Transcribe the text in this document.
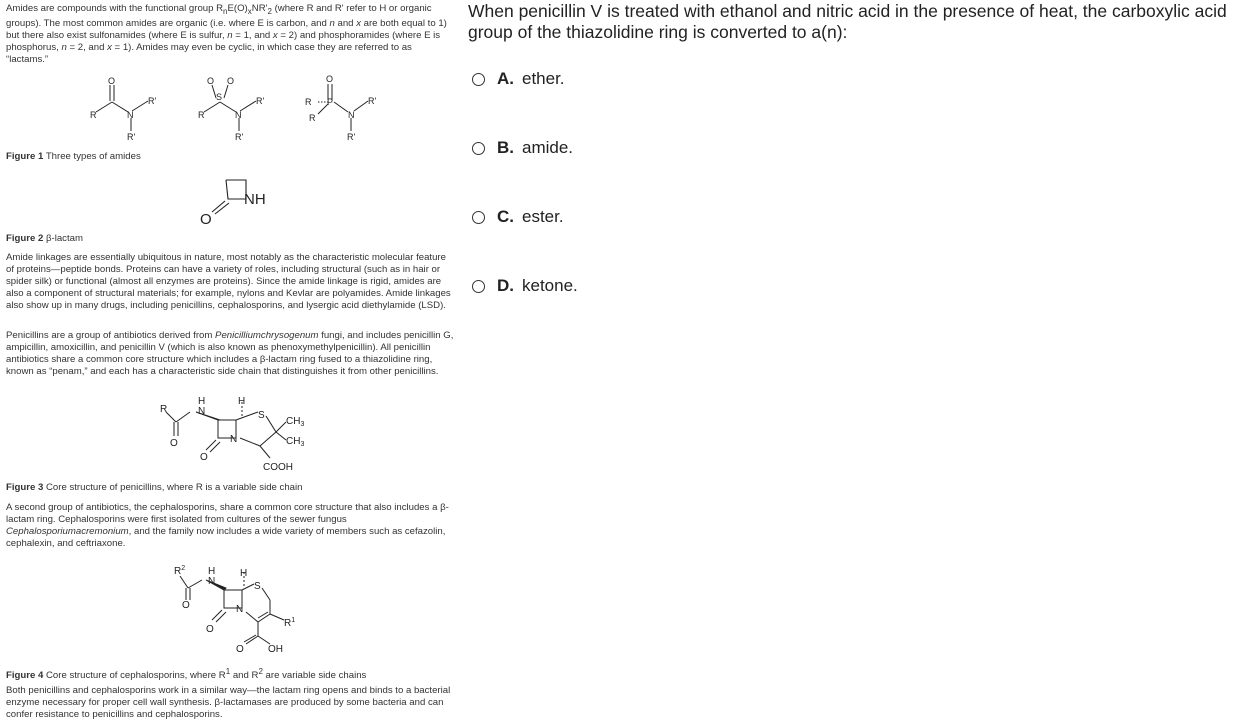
Amides are compounds with the functional group $R_nE(O)_xNR'_2$ (where R and R' refer to H or organic groups). The most common amides are organic (i.e. where E is carbon, and n and x are both equal to 1) but there also exist sulfonamides (where E is sulfur, n = 1, and x = 2) and phosphoramides (where E is phosphorus, n = 2, and x = 1). Amides may even be cyclic, in which case they are referred to as “lactams.”

O
R	N
R'
R'
O O
S
R	N
R'
R'
O
R P
R	N
R'
R'
Figure 1 Three types of amides
O
NH
Figure 2 β-lactam

Amide linkages are essentially ubiquitous in nature, most notably as the characteristic molecular feature of proteins—peptide bonds. Proteins can have a variety of roles, including structural (such as in hair or spider silk) or functional (almost all enzymes are proteins). Since the amide linkage is rigid, amides are also a component of structural materials; for example, nylons and Kevlar are polyamides. Amide linkages also show up in many drugs, including penicillins, cephalosporins, and lysergic acid diethylamide (LSD).

Penicillins are a group of antibiotics derived from Penicilliumchrysogenum fungi, and includes penicillin G, ampicillin, amoxicillin, and penicillin V (which is also known as phenoxymethylpenicillin). All penicillin antibiotics share a common core structure which includes a β-lactam ring fused to a thiazolidine ring, known as “penam,” and each has a characteristic side chain that distinguishes it from other penicillins.

R
H
N
H
S
N
O
O
$CH_3$
$CH_3$
COOH
Figure 3 Core structure of penicillins, where R is a variable side chain

A second group of antibiotics, the cephalosporins, share a common core structure that also includes a β-lactam ring. Cephalosporins were first isolated from cultures of the sewer fungus Cephalosporiumacremonium, and the family now includes a wide variety of members such as cefazolin, cephalexin, and ceftriaxone.

$R^2$ H
N
H
S
N
O
O
$R^1$
O OH
Figure 4 Core structure of cephalosporins, where $R^1$ and $R^2$ are variable side chains

Both penicillins and cephalosporins work in a similar way—the lactam ring opens and binds to a bacterial enzyme necessary for proper cell wall synthesis. β-lactamases are produced by some bacteria and can confer resistance to penicillins and cephalosporins.

When penicillin V is treated with ethanol and nitric acid in the presence of heat, the carboxylic acid group of the thiazolidine ring is converted to a(n):
A. ether.
B. amide.
C. ester.
D. ketone.
